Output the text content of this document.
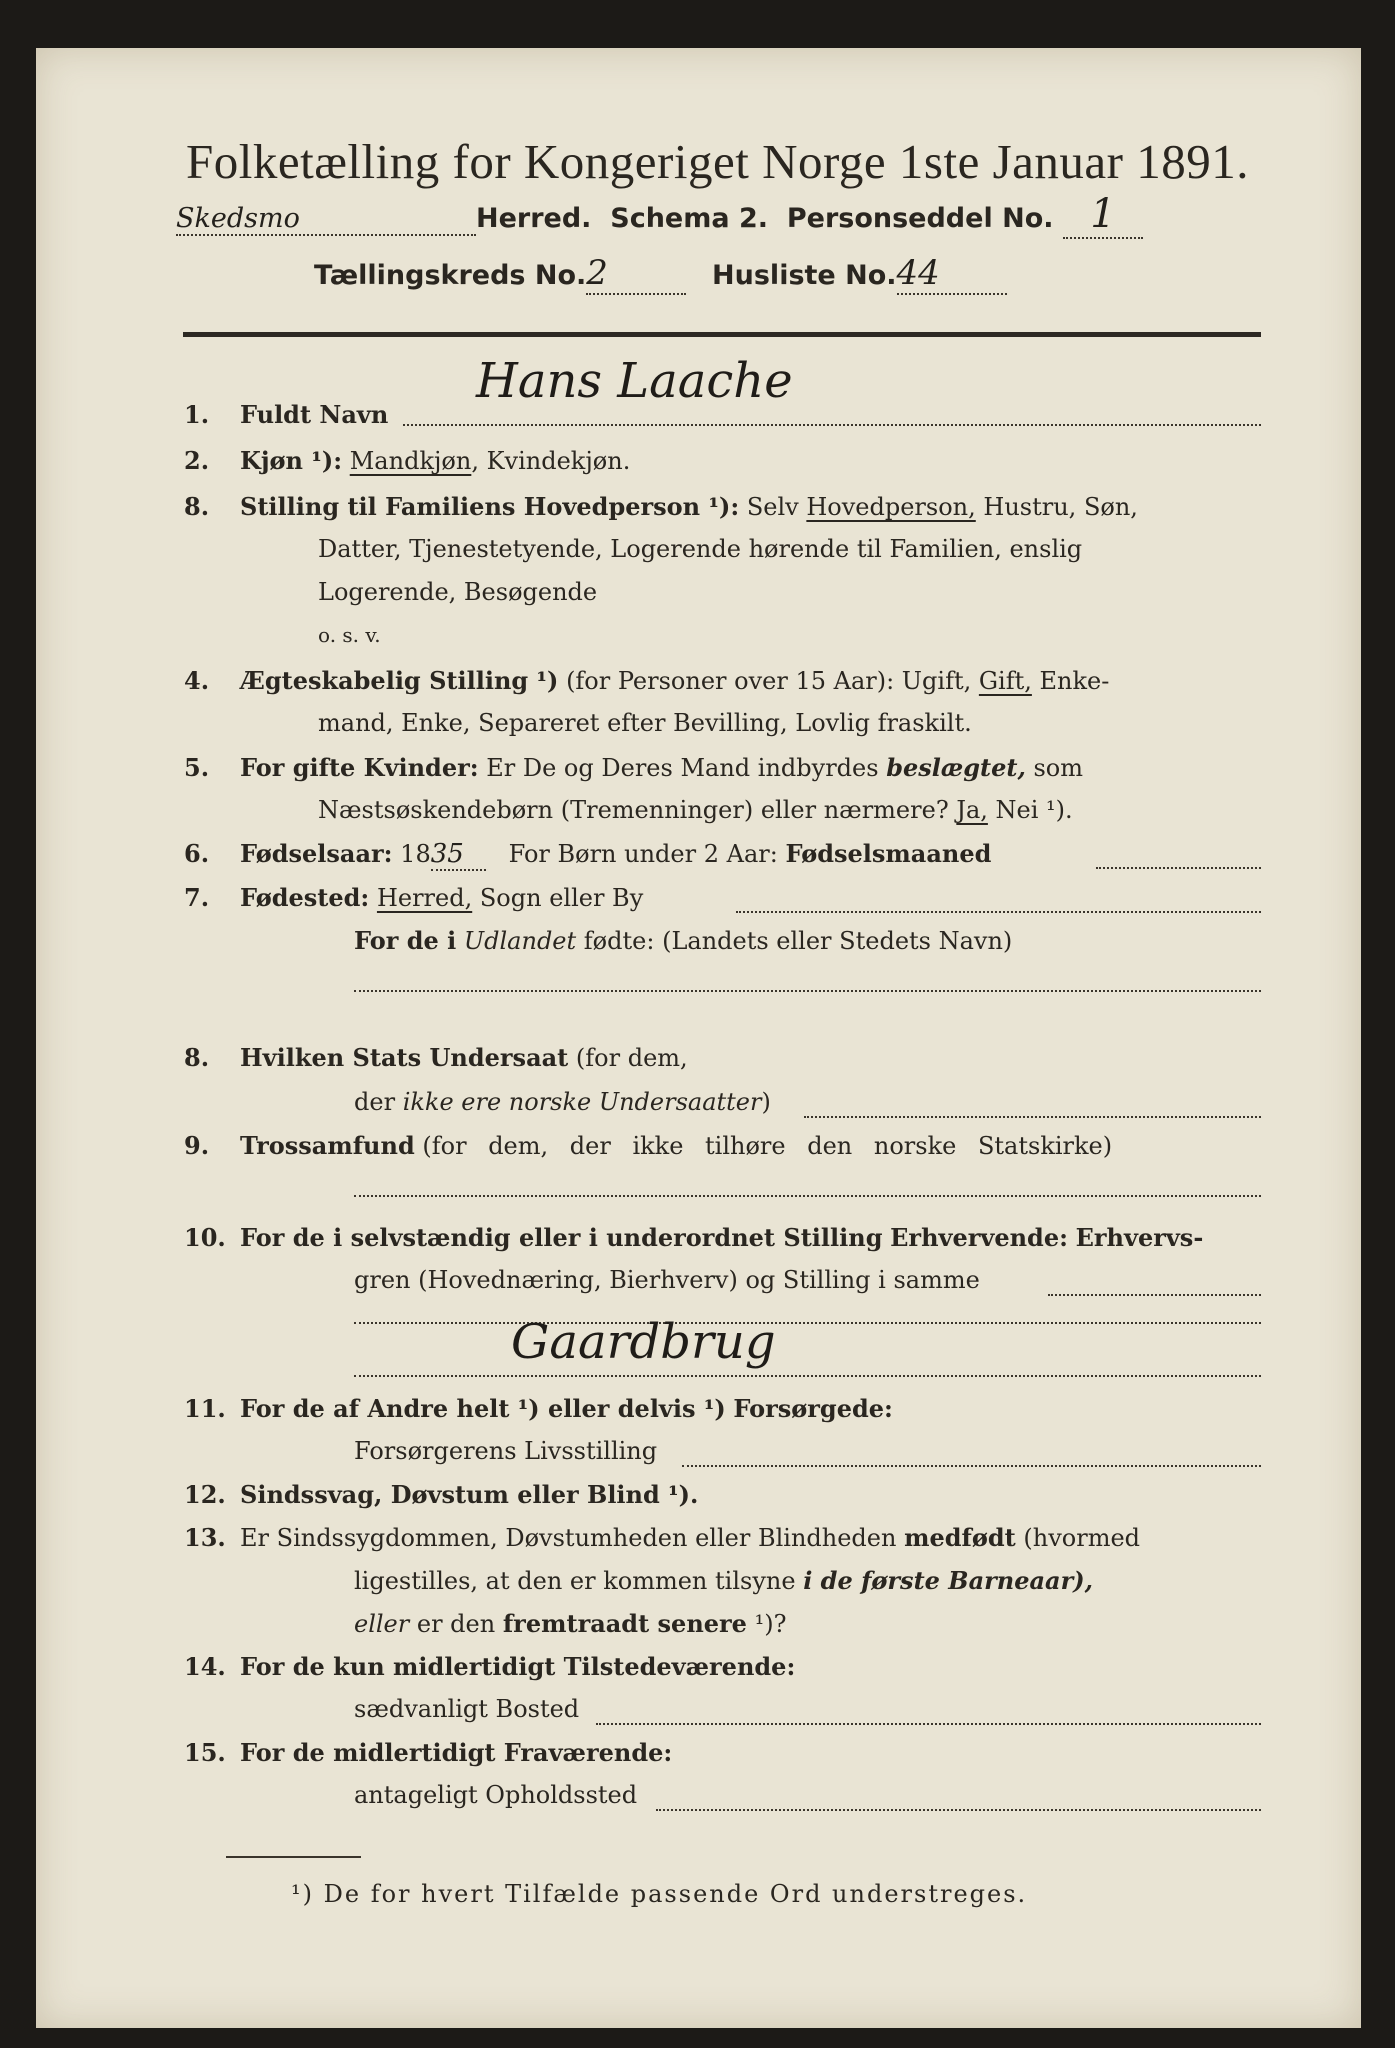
Folketælling for Kongeriget Norge 1ste Januar 1891.
Skedsmo	Herred. Schema 2. Personseddel No. 1
Tællingskreds No.2	Husliste No.44
1. Fuldt Navn
Hans Laache
2. Kjøn ¹): Mandkjøn, Kvindekjøn.
8. Stilling til Familiens Hovedperson ¹): Selv Hovedperson, Hustru, Søn,
Datter, Tjenestetyende, Logerende hørende til Familien, enslig
Logerende, Besøgende
o. s. v.
4. Ægteskabelig Stilling ¹) (for Personer over 15 Aar): Ugift, Gift, Enke-
mand, Enke, Separeret efter Bevilling, Lovlig fraskilt.
5. For gifte Kvinder: Er De og Deres Mand indbyrdes beslægtet, som
Næstsøskendebørn (Tremenninger) eller nærmere? Ja, Nei ¹).
6. Fødselsaar: 1835 For Børn under 2 Aar: Fødselsmaaned
7. Fødested: Herred, Sogn eller By
For de i Udlandet fødte: (Landets eller Stedets Navn)
8. Hvilken Stats Undersaat (for dem,
der ikke ere norske Undersaatter)
9. Trossamfund (for dem, der ikke tilhøre den norske Statskirke)
10. For de i selvstændig eller i underordnet Stilling Erhvervende: Erhvervs-
gren (Hovednæring, Bierhverv) og Stilling i samme
Gaardbrug
11. For de af Andre helt ¹) eller delvis ¹) Forsørgede:
Forsørgerens Livsstilling
12. Sindssvag, Døvstum eller Blind ¹).
13. Er Sindssygdommen, Døvstumheden eller Blindheden medfødt (hvormed
ligestilles, at den er kommen tilsyne i de første Barneaar),
eller er den fremtraadt senere ¹)?
14. For de kun midlertidigt Tilstedeværende:
sædvanligt Bosted
15. For de midlertidigt Fraværende:
antageligt Opholdssted
¹) De for hvert Tilfælde passende Ord understreges.
